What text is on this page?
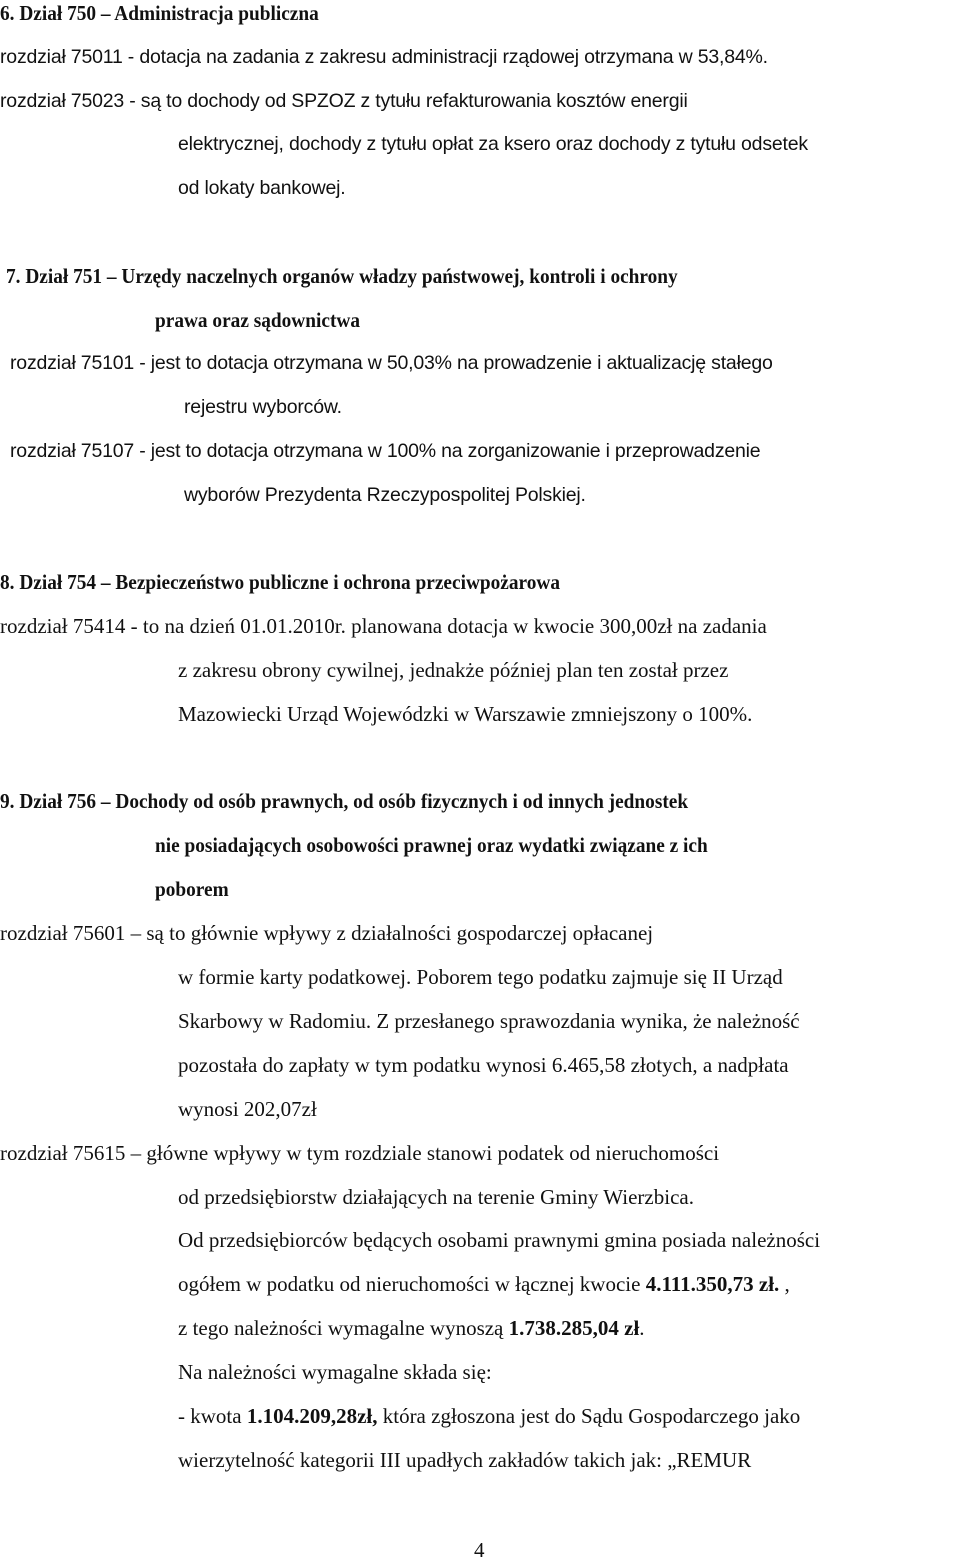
6. Dział 750 – Administracja publiczna
rozdział 75011 - dotacja na zadania z zakresu administracji rządowej otrzymana w 53,84%.
rozdział 75023 - są to dochody od SPZOZ z tytułu refakturowania kosztów energii
elektrycznej, dochody z tytułu opłat za ksero oraz dochody z tytułu odsetek
od lokaty bankowej.
7. Dział 751 – Urzędy naczelnych organów władzy państwowej, kontroli i ochrony
prawa oraz sądownictwa
rozdział 75101 - jest to dotacja otrzymana w 50,03% na prowadzenie i aktualizację stałego
rejestru wyborców.
rozdział 75107 - jest to dotacja otrzymana w 100% na zorganizowanie i przeprowadzenie
wyborów Prezydenta Rzeczypospolitej Polskiej.
8. Dział 754 – Bezpieczeństwo publiczne i ochrona przeciwpożarowa
rozdział 75414 - to na dzień 01.01.2010r. planowana dotacja w kwocie 300,00zł na zadania
z zakresu obrony cywilnej, jednakże później plan ten został przez
Mazowiecki Urząd Wojewódzki w Warszawie zmniejszony o 100%.
9. Dział 756 – Dochody od osób prawnych, od osób fizycznych i od innych jednostek
nie posiadających osobowości prawnej oraz wydatki związane z ich
poborem
rozdział 75601 – są to głównie wpływy z działalności gospodarczej opłacanej
w formie karty podatkowej. Poborem tego podatku zajmuje się II Urząd
Skarbowy w Radomiu. Z przesłanego sprawozdania wynika, że należność
pozostała do zapłaty w tym podatku wynosi 6.465,58 złotych, a nadpłata
wynosi 202,07zł
rozdział 75615 – główne wpływy w tym rozdziale stanowi podatek od nieruchomości
od przedsiębiorstw działających na terenie Gminy Wierzbica.
Od przedsiębiorców będących osobami prawnymi gmina posiada należności
ogółem w podatku od nieruchomości w łącznej kwocie 4.111.350,73 zł. ,
z tego należności wymagalne wynoszą 1.738.285,04 zł.
Na należności wymagalne składa się:
- kwota 1.104.209,28zł, która zgłoszona jest do Sądu Gospodarczego jako
wierzytelność kategorii III upadłych zakładów takich jak: „REMUR
4
